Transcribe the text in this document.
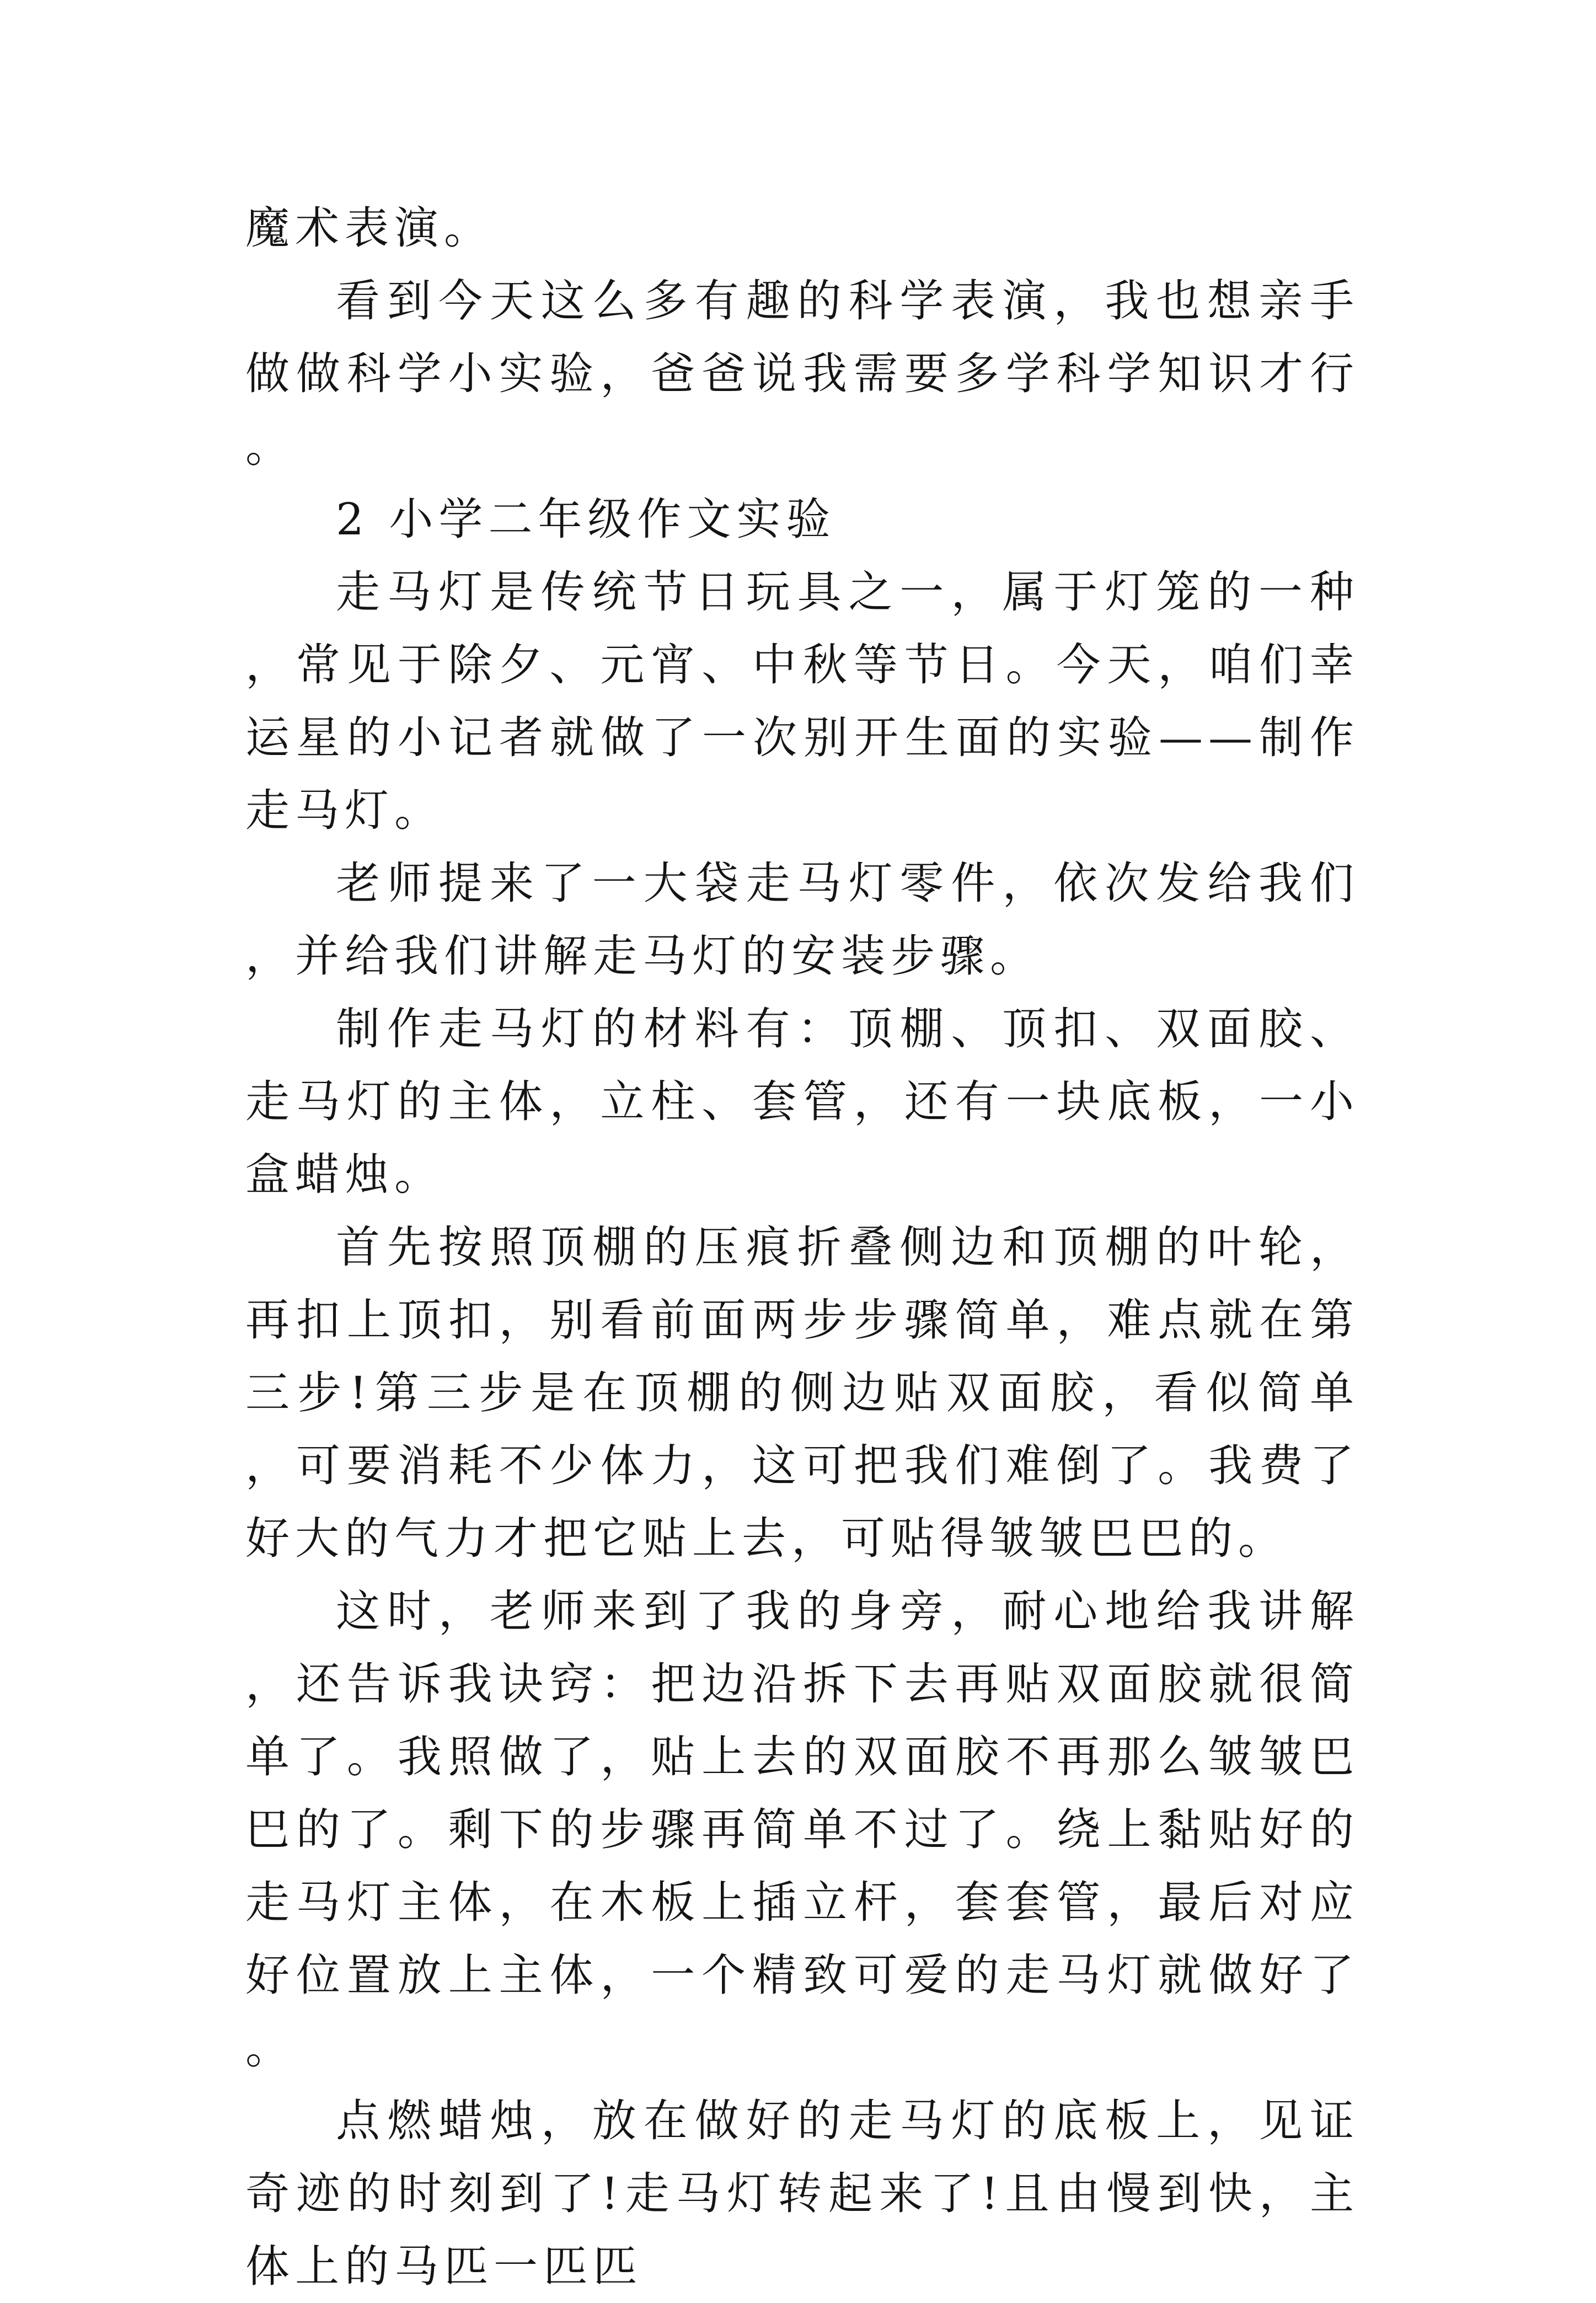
魔术表演。

看到今天这么多有趣的科学表演，我也想亲手做做科学小实验，爸爸说我需要多学科学知识才行。

2 小学二年级作文实验

走马灯是传统节日玩具之一，属于灯笼的一种，常见于除夕、元宵、中秋等节日。今天，咱们幸运星的小记者就做了一次别开生面的实验——制作走马灯。

老师提来了一大袋走马灯零件，依次发给我们，并给我们讲解走马灯的安装步骤。

制作走马灯的材料有：顶棚、顶扣、双面胶、走马灯的主体，立柱、套管，还有一块底板，一小盒蜡烛。

首先按照顶棚的压痕折叠侧边和顶棚的叶轮，再扣上顶扣，别看前面两步步骤简单，难点就在第三步!第三步是在顶棚的侧边贴双面胶，看似简单，可要消耗不少体力，这可把我们难倒了。我费了好大的气力才把它贴上去，可贴得皱皱巴巴的。

这时，老师来到了我的身旁，耐心地给我讲解，还告诉我诀窍：把边沿拆下去再贴双面胶就很简单了。我照做了，贴上去的双面胶不再那么皱皱巴巴的了。剩下的步骤再简单不过了。绕上黏贴好的走马灯主体，在木板上插立杆，套套管，最后对应好位置放上主体，一个精致可爱的走马灯就做好了。

点燃蜡烛，放在做好的走马灯的底板上，见证奇迹的时刻到了!走马灯转起来了!且由慢到快，主体上的马匹一匹匹
